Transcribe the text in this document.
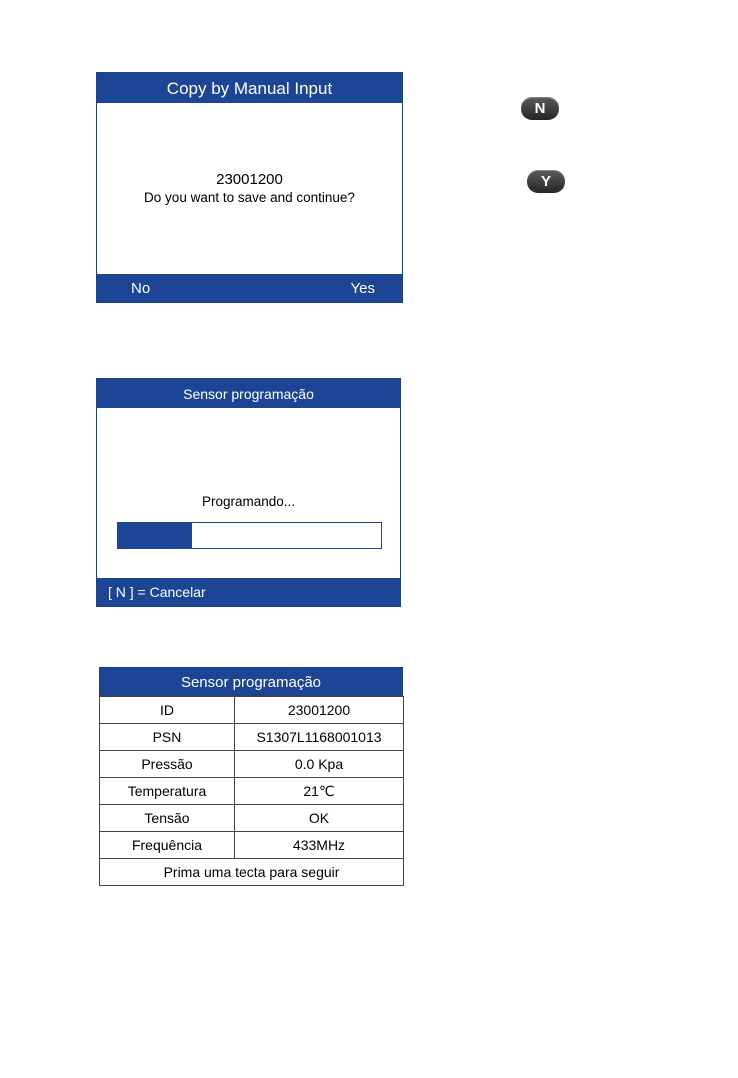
Copy by Manual Input
23001200
Do you want to save and continue?
No	Yes
N
Y
Sensor programação
Programando...
[ N ] = Cancelar
Sensor programação
ID	23001200
PSN	S1307L1168001013
Pressão	0.0 Kpa
Temperatura	21℃
Tensão	OK
Frequência	433MHz
Prima uma tecta para seguir	
